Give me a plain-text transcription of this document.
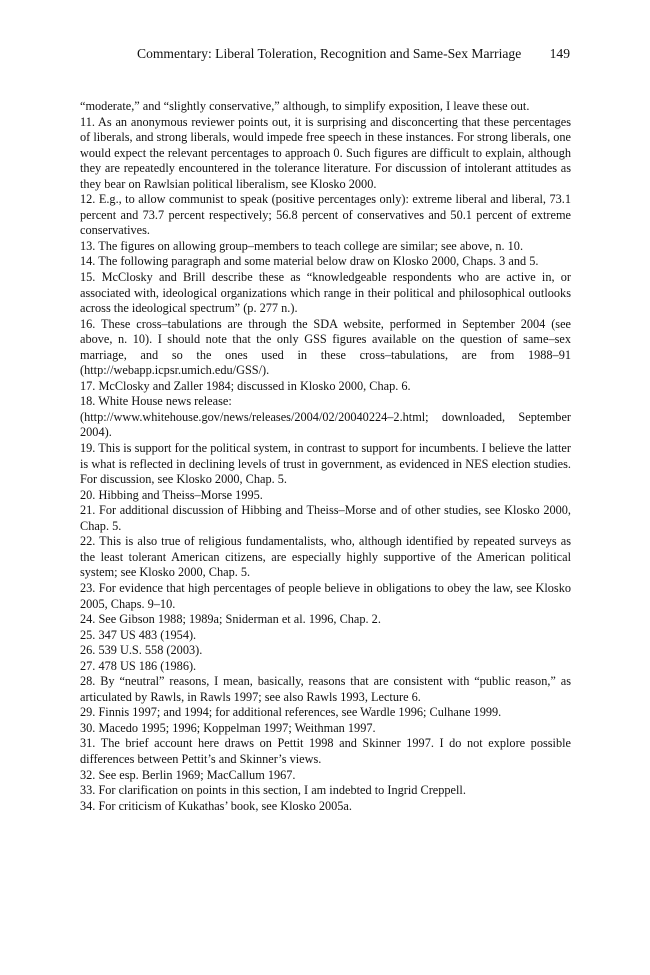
Commentary: Liberal Toleration, Recognition and Same-Sex Marriage 149

“moderate,” and “slightly conservative,” although, to simplify exposition, I leave these out.

11. As an anonymous reviewer points out, it is surprising and disconcerting that these percentages of liberals, and strong liberals, would impede free speech in these instances. For strong liberals, one would expect the relevant percentages to approach 0. Such figures are difficult to explain, although they are repeatedly encountered in the tolerance literature. For discussion of intolerant attitudes as they bear on Rawlsian political liberalism, see Klosko 2000.

12. E.g., to allow communist to speak (positive percentages only): extreme liberal and liberal, 73.1 percent and 73.7 percent respectively; 56.8 percent of conservatives and 50.1 percent of extreme conservatives.

13. The figures on allowing group–members to teach college are similar; see above, n. 10.

14. The following paragraph and some material below draw on Klosko 2000, Chaps. 3 and 5.

15. McClosky and Brill describe these as “knowledgeable respondents who are active in, or associated with, ideological organizations which range in their political and philosophical outlooks across the ideological spectrum” (p. 277 n.).

16. These cross–tabulations are through the SDA website, performed in September 2004 (see above, n. 10). I should note that the only GSS figures available on the question of same–sex marriage, and so the ones used in these cross–tabulations, are from 1988–91 (http://webapp.icpsr.umich.edu/GSS/).

17. McClosky and Zaller 1984; discussed in Klosko 2000, Chap. 6.

18. White House news release:

(http://www.whitehouse.gov/news/releases/2004/02/20040224–2.html; downloaded, September 2004).

19. This is support for the political system, in contrast to support for incumbents. I believe the latter is what is reflected in declining levels of trust in government, as evidenced in NES election studies. For discussion, see Klosko 2000, Chap. 5.

20. Hibbing and Theiss–Morse 1995.

21. For additional discussion of Hibbing and Theiss–Morse and of other studies, see Klosko 2000, Chap. 5.

22. This is also true of religious fundamentalists, who, although identified by repeated surveys as the least tolerant American citizens, are especially highly supportive of the American political system; see Klosko 2000, Chap. 5.

23. For evidence that high percentages of people believe in obligations to obey the law, see Klosko 2005, Chaps. 9–10.

24. See Gibson 1988; 1989a; Sniderman et al. 1996, Chap. 2.

25. 347 US 483 (1954).

26. 539 U.S. 558 (2003).

27. 478 US 186 (1986).

28. By “neutral” reasons, I mean, basically, reasons that are consistent with “public reason,” as articulated by Rawls, in Rawls 1997; see also Rawls 1993, Lecture 6.

29. Finnis 1997; and 1994; for additional references, see Wardle 1996; Culhane 1999.

30. Macedo 1995; 1996; Koppelman 1997; Weithman 1997.

31. The brief account here draws on Pettit 1998 and Skinner 1997. I do not explore possible differences between Pettit’s and Skinner’s views.

32. See esp. Berlin 1969; MacCallum 1967.

33. For clarification on points in this section, I am indebted to Ingrid Creppell.

34. For criticism of Kukathas’ book, see Klosko 2005a.
